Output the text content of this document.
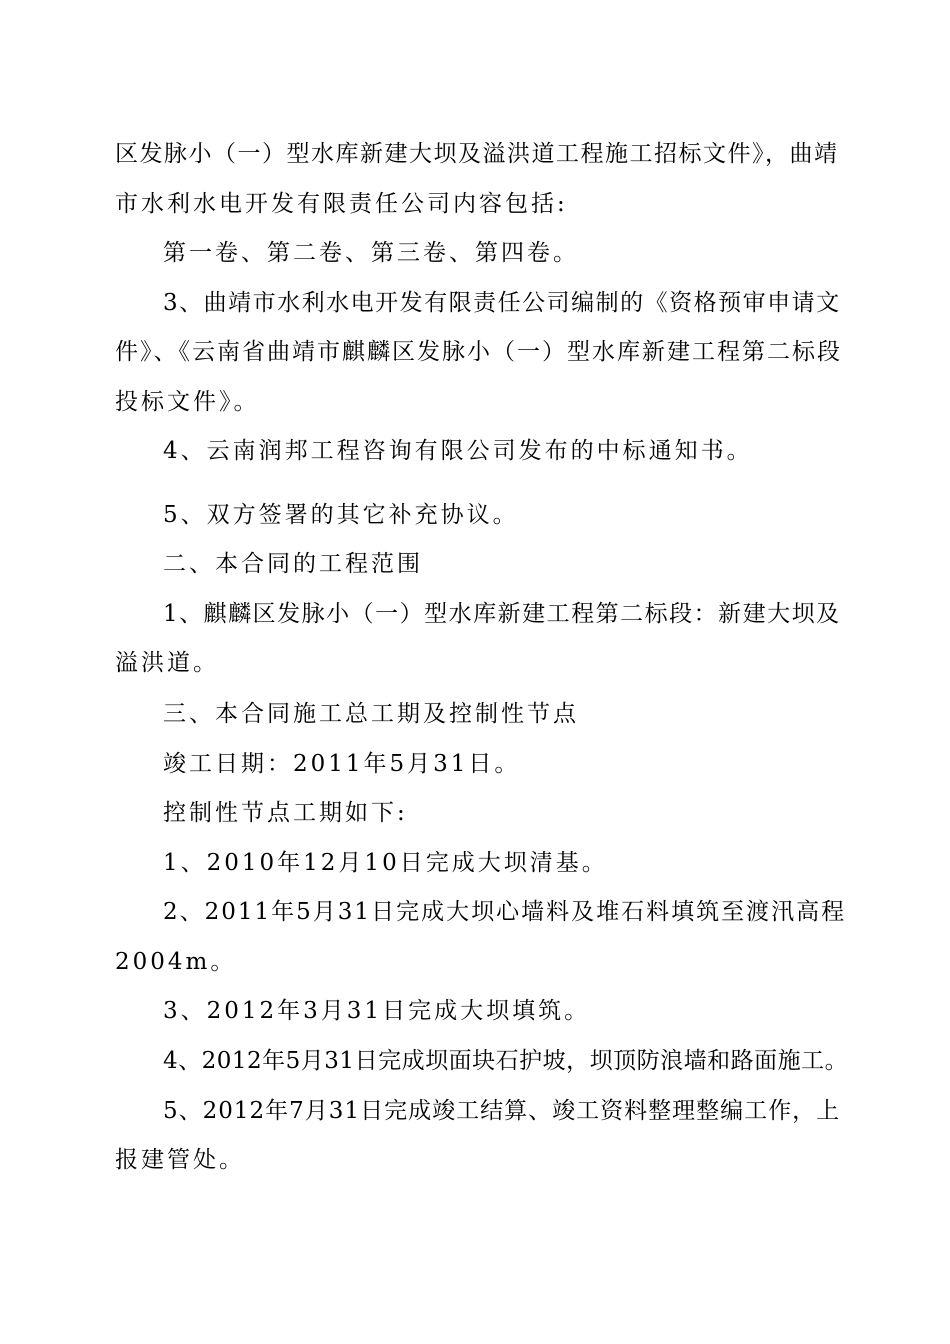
区发脉小（一）型水库新建大坝及溢洪道工程施工招标文件》，曲靖
市水利水电开发有限责任公司内容包括:
第一卷、第二卷、第三卷、第四卷。
3、曲靖市水利水电开发有限责任公司编制的《资格预审申请文
件》、《云南省曲靖市麒麟区发脉小（一）型水库新建工程第二标段
投标文件》。
4、云南润邦工程咨询有限公司发布的中标通知书。
5、双方签署的其它补充协议。
二、本合同的工程范围
1、麒麟区发脉小（一）型水库新建工程第二标段：新建大坝及
溢洪道。
三、本合同施工总工期及控制性节点
竣工日期：2011年5月31日。
控制性节点工期如下:
1、2010年12月10日完成大坝清基。
2、2011年5月31日完成大坝心墙料及堆石料填筑至渡汛高程
2004m。
3、2012年3月31日完成大坝填筑。
4、2012年5月31日完成坝面块石护坡，坝顶防浪墙和路面施工。
5、2012年7月31日完成竣工结算、竣工资料整理整编工作，上
报建管处。
